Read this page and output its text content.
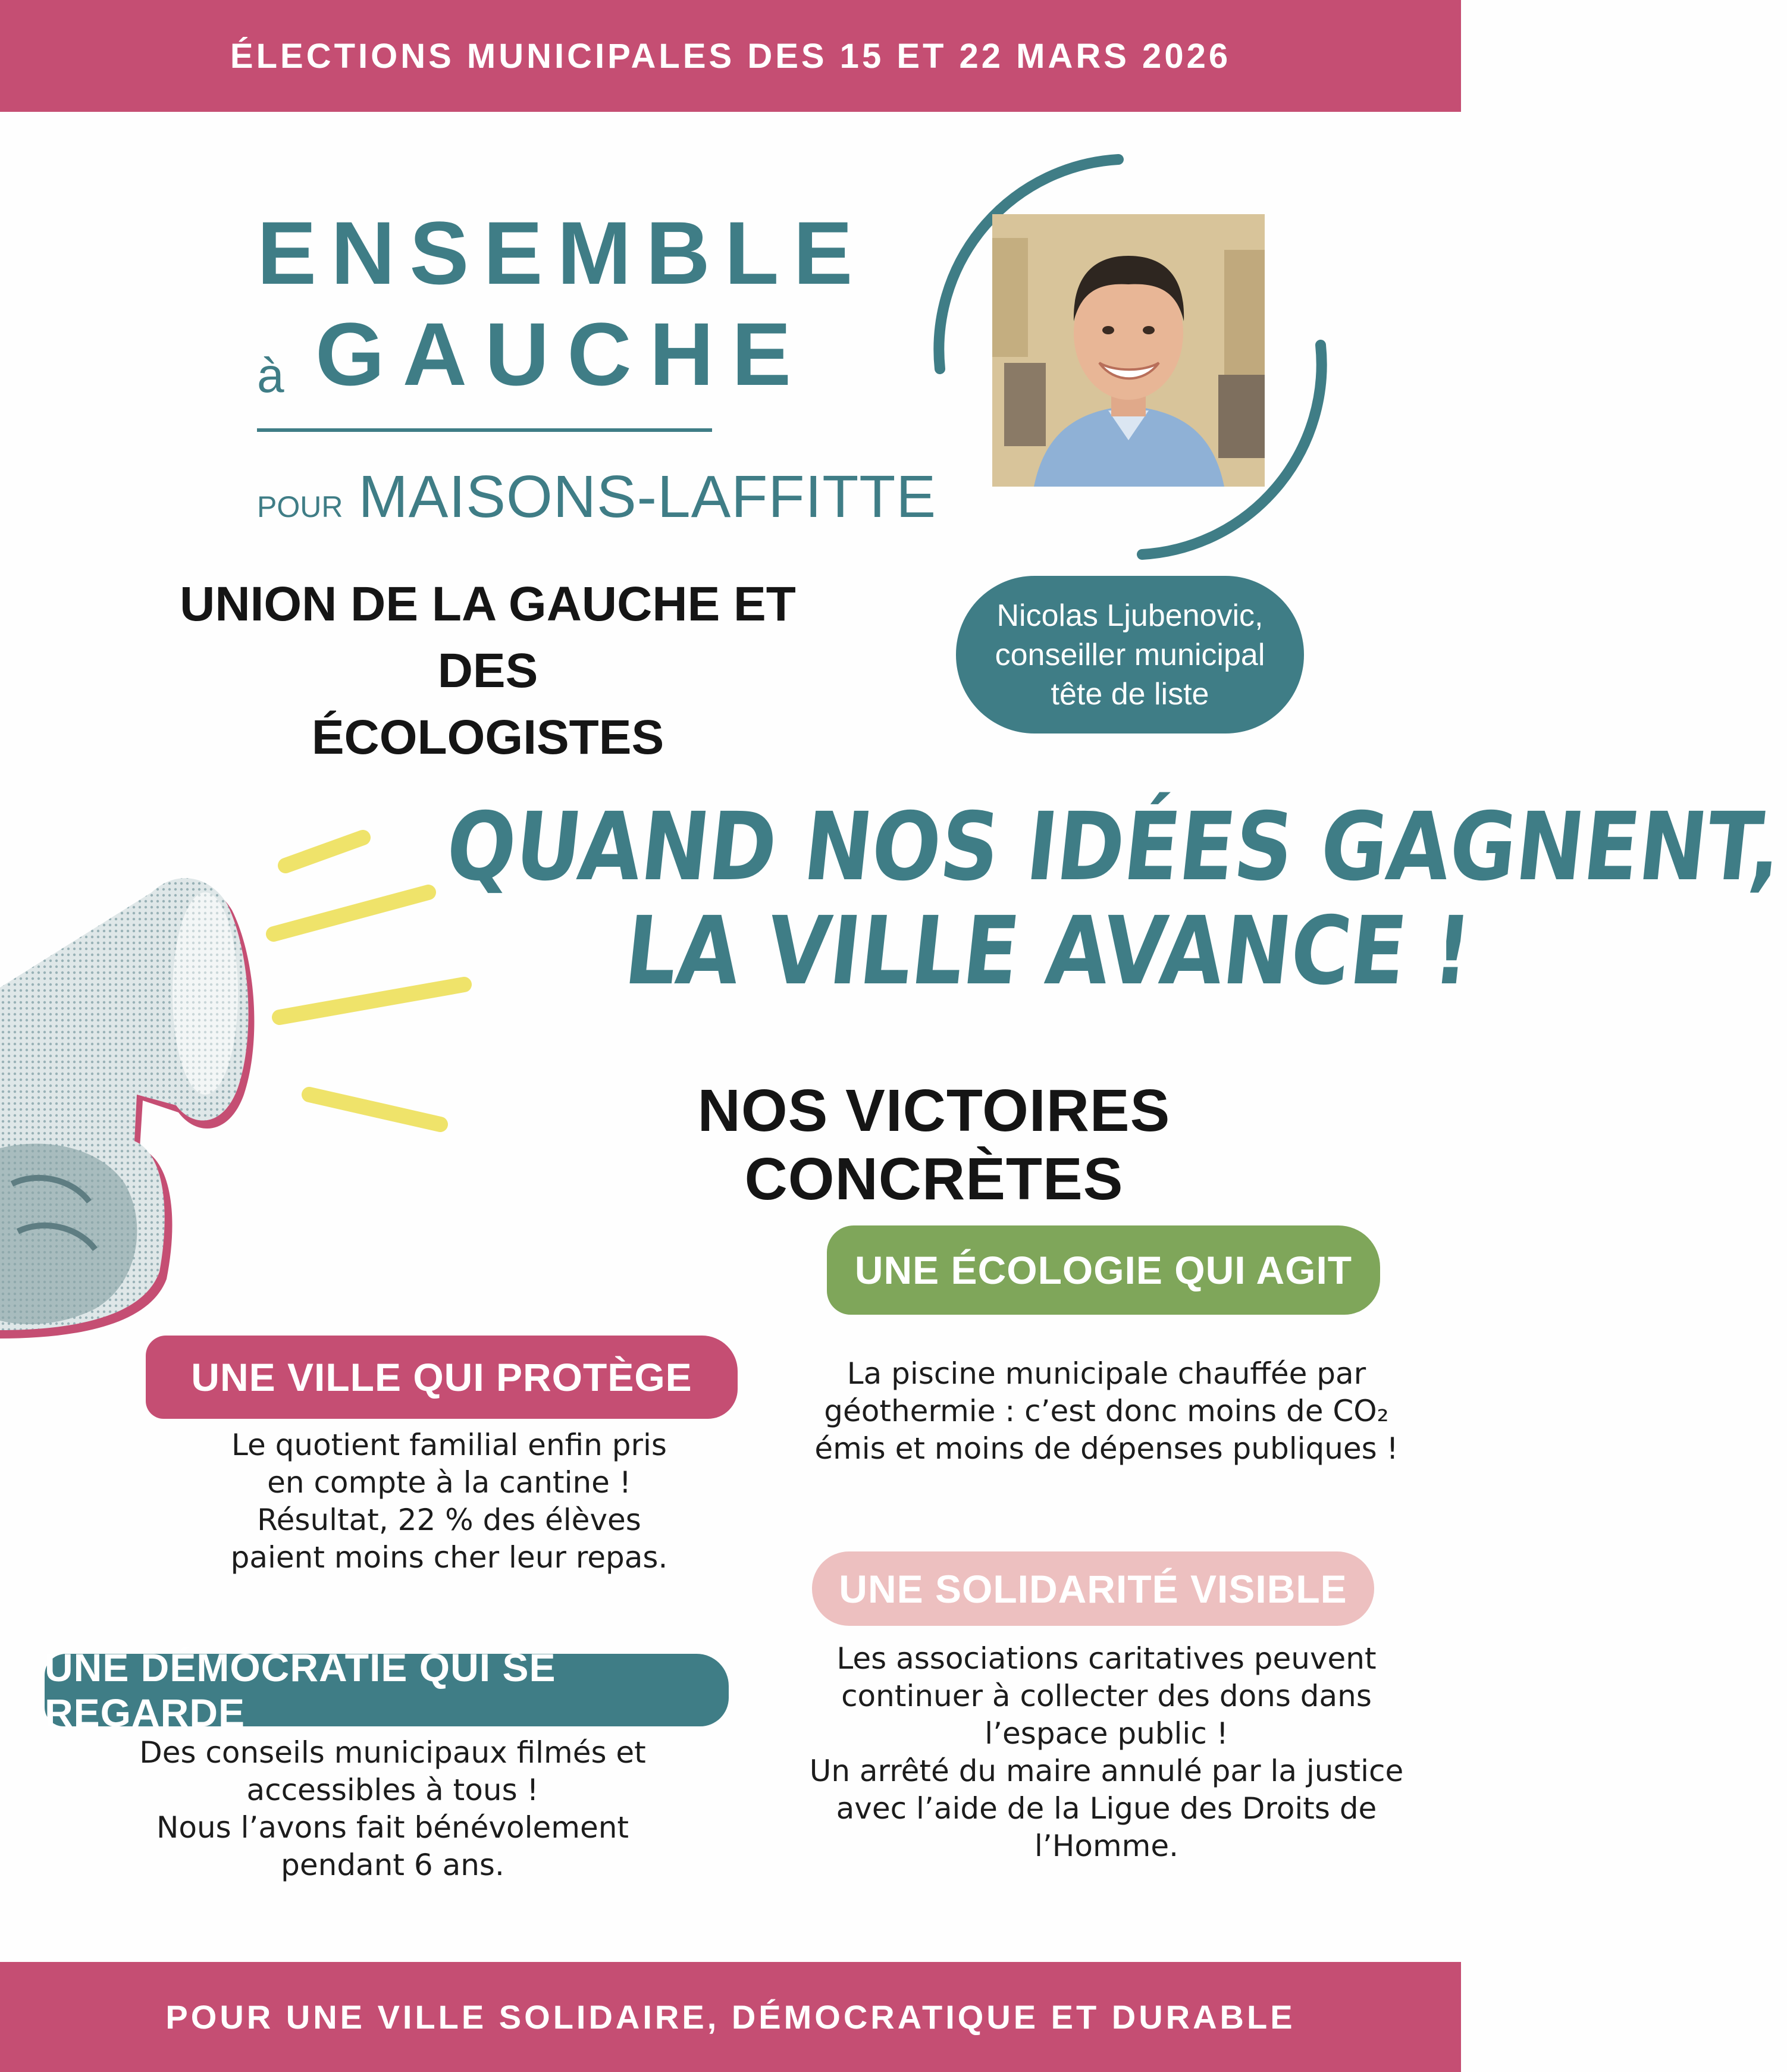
ÉLECTIONS MUNICIPALES DES 15 ET 22 MARS 2026
ENSEMBLE
à GAUCHE
POUR MAISONS-LAFFITTE
UNION DE LA GAUCHE ET DES
ÉCOLOGISTES
Nicolas Ljubenovic,
conseiller municipal
tête de liste
QUAND NOS IDÉES GAGNENT,
LA VILLE AVANCE !
NOS VICTOIRES CONCRÈTES
UNE ÉCOLOGIE QUI AGIT
La piscine municipale chauffée par
géothermie : c’est donc moins de CO₂
émis et moins de dépenses publiques !
UNE VILLE QUI PROTÈGE
Le quotient familial enfin pris
en compte à la cantine !
Résultat, 22 % des élèves
paient moins cher leur repas.
UNE SOLIDARITÉ VISIBLE
Les associations caritatives peuvent
continuer à collecter des dons dans
l’espace public !
Un arrêté du maire annulé par la justice
avec l’aide de la Ligue des Droits de
l’Homme.
UNE DÉMOCRATIE QUI SE REGARDE
Des conseils municipaux filmés et
accessibles à tous !
Nous l’avons fait bénévolement
pendant 6 ans.
POUR UNE VILLE SOLIDAIRE, DÉMOCRATIQUE ET DURABLE
